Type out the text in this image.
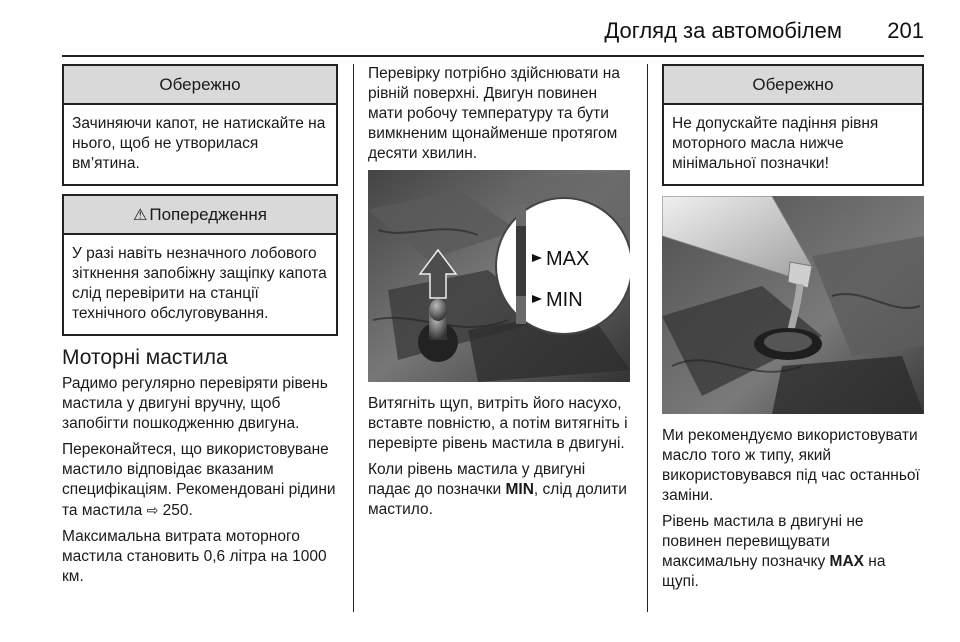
Догляд за автомобілем 201
Обережно
Зачиняючи капот, не натискайте на нього, щоб не утворилася вм’ятина.
⚠ Попередження
У разі навіть незначного лобового зіткнення запобіжну защіпку капота слід перевірити на станції технічного обслуговування.
Моторні мастила

Радимо регулярно перевіряти рівень мастила у двигуні вручну, щоб запобігти пошкодженню двигуна.

Переконайтеся, що використовуване мастило відповідає вказаним специфікаціям. Рекомендовані рідини та мастила ⇨ 250.

Максимальна витрата моторного мастила становить 0,6 літра на 1000 км.

Перевірку потрібно здійснювати на рівній поверхні. Двигун повинен мати робочу температуру та бути вимкненим щонайменше протягом десяти хвилин.

MAX
MIN

Витягніть щуп, витріть його насухо, вставте повністю, а потім витягніть і перевірте рівень мастила в двигуні.

Коли рівень мастила у двигуні падає до позначки MIN, слід долити мастило.

Обережно
Не допускайте падіння рівня моторного масла нижче мінімальної позначки!

Ми рекомендуємо використовувати масло того ж типу, який використовувався під час останньої заміни.

Рівень мастила в двигуні не повинен перевищувати максимальну позначку MAX на щупі.
